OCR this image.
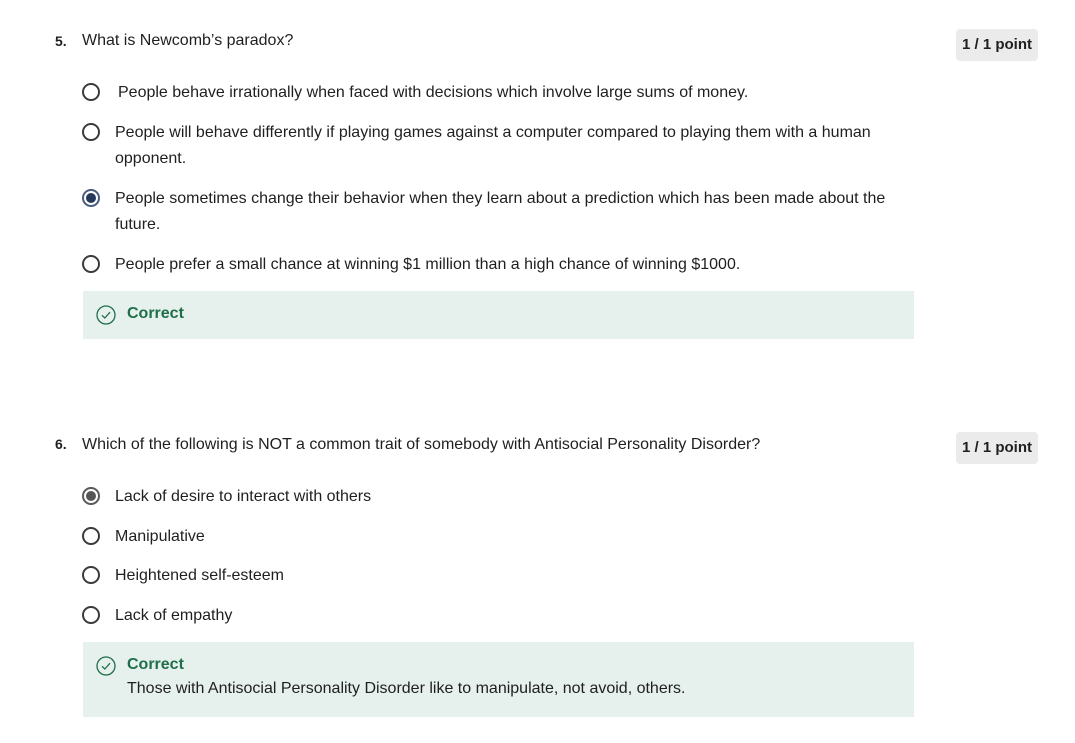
5. What is Newcomb’s paradox?	1 / 1 point
People behave irrationally when faced with decisions which involve large sums of money.
People will behave differently if playing games against a computer compared to playing them with a human opponent.
People sometimes change their behavior when they learn about a prediction which has been made about the future.
People prefer a small chance at winning $1 million than a high chance of winning $1000.
Correct
6. Which of the following is NOT a common trait of somebody with Antisocial Personality Disorder?	1 / 1 point
Lack of desire to interact with others
Manipulative
Heightened self-esteem
Lack of empathy
Correct
Those with Antisocial Personality Disorder like to manipulate, not avoid, others.
